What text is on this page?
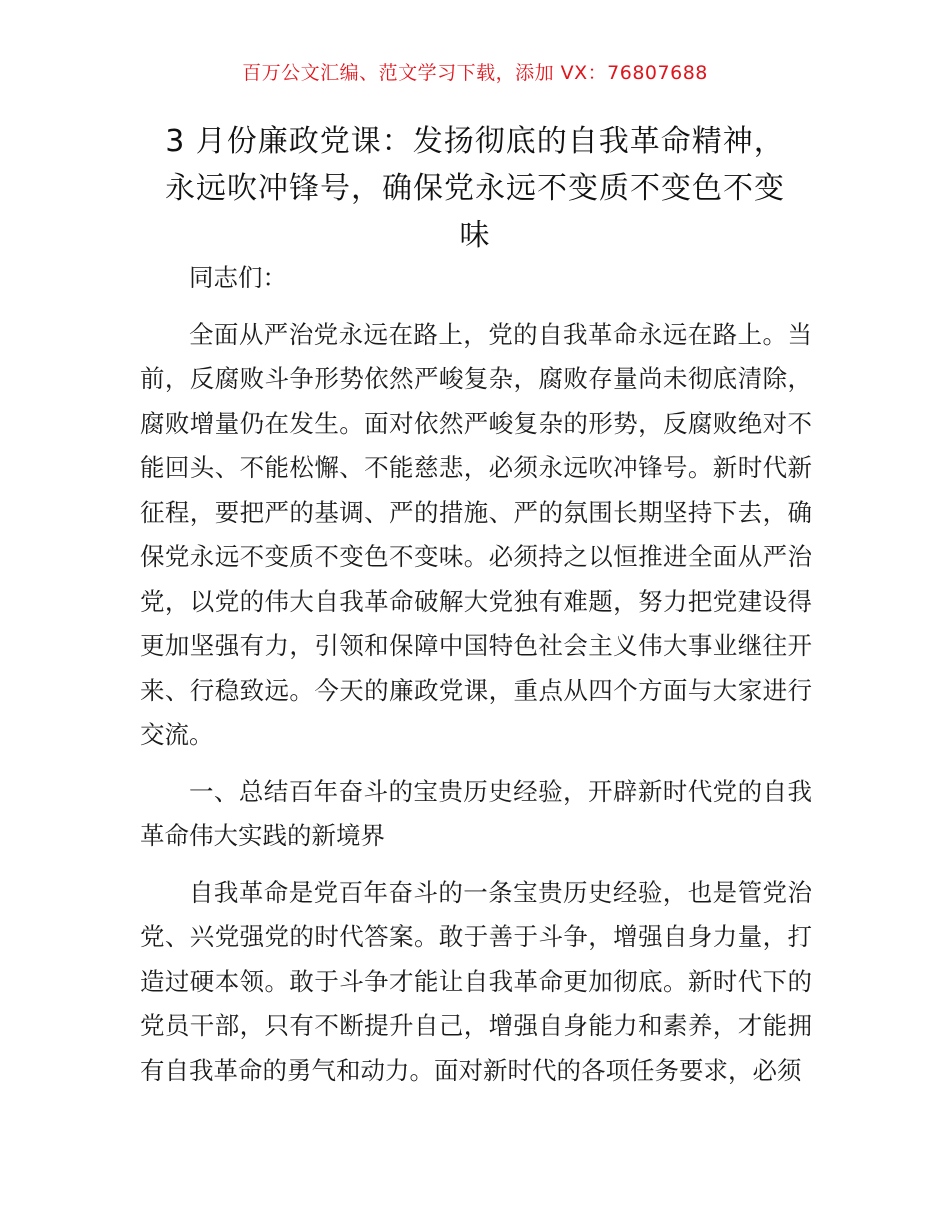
百万公文汇编、范文学习下载，添加 VX：76807688
3 月份廉政党课：发扬彻底的自我革命精神，
永远吹冲锋号，确保党永远不变质不变色不变
味

同志们：

全面从严治党永远在路上，党的自我革命永远在路上。当前，反腐败斗争形势依然严峻复杂，腐败存量尚未彻底清除，腐败增量仍在发生。面对依然严峻复杂的形势，反腐败绝对不能回头、不能松懈、不能慈悲，必须永远吹冲锋号。新时代新征程，要把严的基调、严的措施、严的氛围长期坚持下去，确保党永远不变质不变色不变味。必须持之以恒推进全面从严治党，以党的伟大自我革命破解大党独有难题，努力把党建设得更加坚强有力，引领和保障中国特色社会主义伟大事业继往开来、行稳致远。今天的廉政党课，重点从四个方面与大家进行交流。

一、总结百年奋斗的宝贵历史经验，开辟新时代党的自我革命伟大实践的新境界

自我革命是党百年奋斗的一条宝贵历史经验，也是管党治党、兴党强党的时代答案。敢于善于斗争，增强自身力量，打造过硬本领。敢于斗争才能让自我革命更加彻底。新时代下的党员干部，只有不断提升自己，增强自身能力和素养，才能拥有自我革命的勇气和动力。面对新时代的各项任务要求，必须
